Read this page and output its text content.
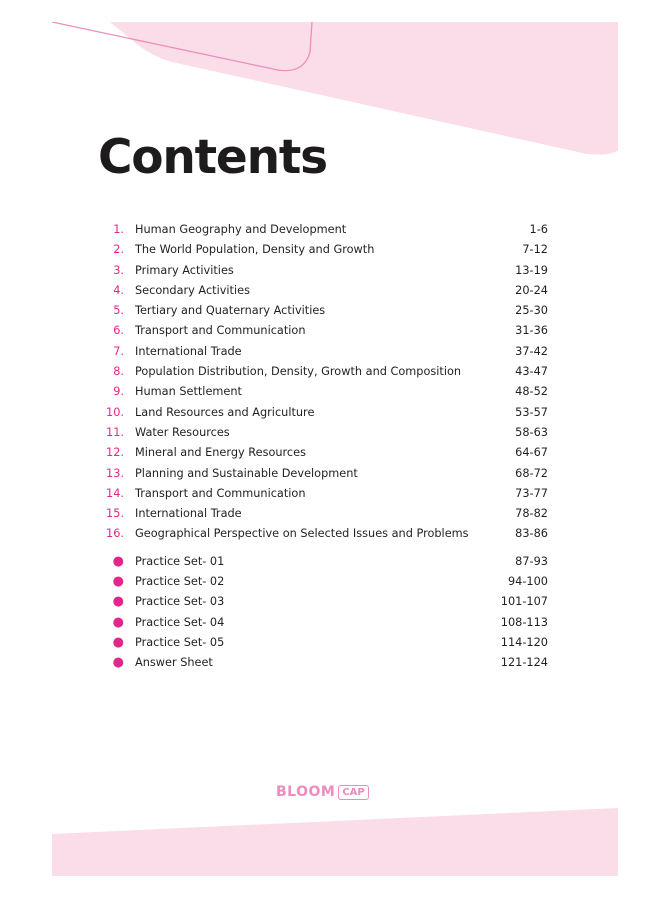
Contents
1. Human Geography and Development	1-6
2. The World Population, Density and Growth	7-12
3. Primary Activities	13-19
4. Secondary Activities	20-24
5. Tertiary and Quaternary Activities	25-30
6. Transport and Communication	31-36
7. International Trade	37-42
8. Population Distribution, Density, Growth and Composition	43-47
9. Human Settlement	48-52
10. Land Resources and Agriculture	53-57
11. Water Resources	58-63
12. Mineral and Energy Resources	64-67
13. Planning and Sustainable Development	68-72
14. Transport and Communication	73-77
15. International Trade	78-82
16. Geographical Perspective on Selected Issues and Problems	83-86
● Practice Set- 01	87-93
● Practice Set- 02	94-100
● Practice Set- 03	101-107
● Practice Set- 04	108-113
● Practice Set- 05	114-120
● Answer Sheet	121-124
BLOOM CAP
